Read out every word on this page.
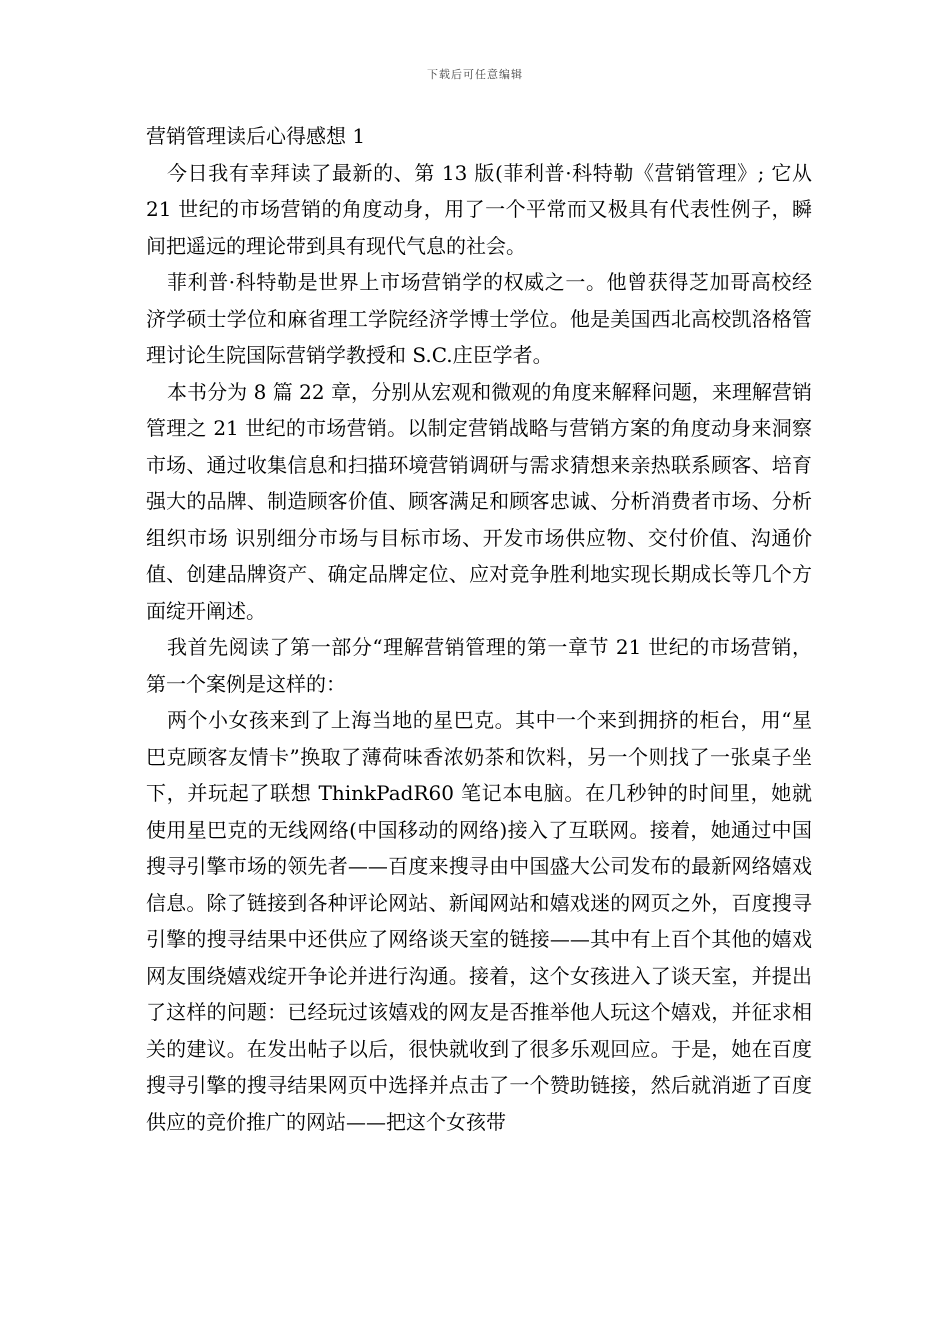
下载后可任意编辑
营销管理读后心得感想 1

今日我有幸拜读了最新的、第 13 版(菲利普·科特勒《营销管理》; 它从 21 世纪的市场营销的角度动身，用了一个平常而又极具有代表性例子，瞬间把遥远的理论带到具有现代气息的社会。

菲利普·科特勒是世界上市场营销学的权威之一。他曾获得芝加哥高校经济学硕士学位和麻省理工学院经济学博士学位。他是美国西北高校凯洛格管理讨论生院国际营销学教授和 S.C.庄臣学者。

本书分为 8 篇 22 章，分别从宏观和微观的角度来解释问题，来理解营销管理之 21 世纪的市场营销。以制定营销战略与营销方案的角度动身来洞察市场、通过收集信息和扫描环境营销调研与需求猜想来亲热联系顾客、培育强大的品牌、制造顾客价值、顾客满足和顾客忠诚、分析消费者市场、分析组织市场 识别细分市场与目标市场、开发市场供应物、交付价值、沟通价值、创建品牌资产、确定品牌定位、应对竞争胜利地实现长期成长等几个方面绽开阐述。

我首先阅读了第一部分“理解营销管理的第一章节 21 世纪的市场营销，第一个案例是这样的：

两个小女孩来到了上海当地的星巴克。其中一个来到拥挤的柜台，用“星巴克顾客友情卡”换取了薄荷味香浓奶茶和饮料，另一个则找了一张桌子坐下，并玩起了联想 ThinkPadR60 笔记本电脑。在几秒钟的时间里，她就使用星巴克的无线网络(中国移动的网络)接入了互联网。接着，她通过中国搜寻引擎市场的领先者——百度来搜寻由中国盛大公司发布的最新网络嬉戏信息。除了链接到各种评论网站、新闻网站和嬉戏迷的网页之外，百度搜寻引擎的搜寻结果中还供应了网络谈天室的链接——其中有上百个其他的嬉戏网友围绕嬉戏绽开争论并进行沟通。接着，这个女孩进入了谈天室，并提出了这样的问题：已经玩过该嬉戏的网友是否推举他人玩这个嬉戏，并征求相关的建议。在发出帖子以后，很快就收到了很多乐观回应。于是，她在百度搜寻引擎的搜寻结果网页中选择并点击了一个赞助链接，然后就消逝了百度供应的竞价推广的网站——把这个女孩带
